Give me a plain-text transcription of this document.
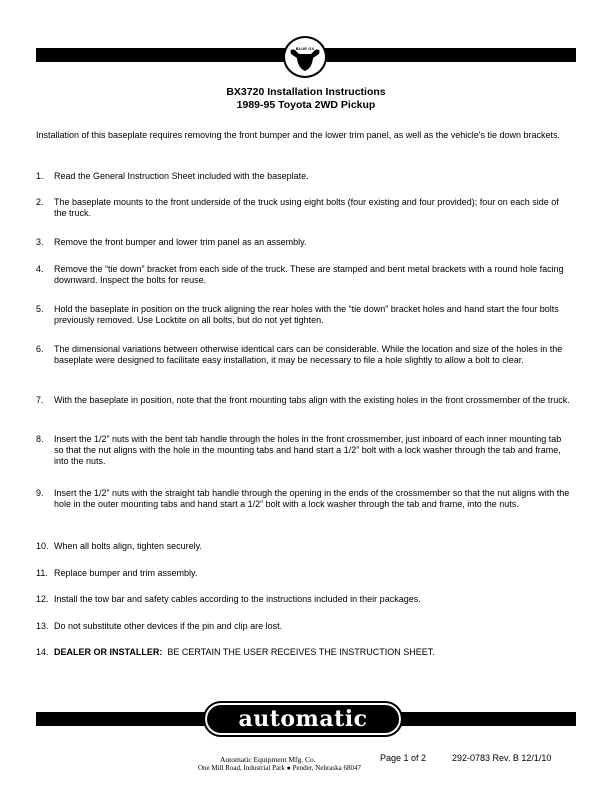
BLUE OX
BX3720 Installation Instructions
1989-95 Toyota 2WD Pickup
Installation of this baseplate requires removing the front bumper and the lower trim panel, as well as the vehicle's tie down brackets.
1.	Read the General Instruction Sheet included with the baseplate.
2.	The baseplate mounts to the front underside of the truck using eight bolts (four existing and four provided); four on each side of the truck.
3.	Remove the front bumper and lower trim panel as an assembly.
4.	Remove the “tie down” bracket from each side of the truck. These are stamped and bent metal brackets with a round hole facing downward. Inspect the bolts for reuse.
5.	Hold the baseplate in position on the truck aligning the rear holes with the “tie down” bracket holes and hand start the four bolts previously removed. Use Locktite on all bolts, but do not yet tighten.
6.	The dimensional variations between otherwise identical cars can be considerable. While the location and size of the holes in the baseplate were designed to facilitate easy installation, it may be necessary to file a hole slightly to allow a bolt to clear.
7.	With the baseplate in position, note that the front mounting tabs align with the existing holes in the front crossmember of the truck.
8.	Insert the 1/2” nuts with the bent tab handle through the holes in the front crossmember, just inboard of each inner mounting tab so that the nut aligns with the hole in the mounting tabs and hand start a 1/2” bolt with a lock washer through the tab and frame, into the nuts.
9.	Insert the 1/2” nuts with the straight tab handle through the opening in the ends of the crossmember so that the nut aligns with the hole in the outer mounting tabs and hand start a 1/2” bolt with a lock washer through the tab and frame, into the nuts.
10. When all bolts align, tighten securely.
11. Replace bumper and trim assembly.
12. Install the tow bar and safety cables according to the instructions included in their packages.
13. Do not substitute other devices if the pin and clip are lost.
14. DEALER OR INSTALLER: BE CERTAIN THE USER RECEIVES THE INSTRUCTION SHEET.
automatic
Automatic Equipment Mfg. Co.
One Mill Road, Industrial Park ● Pender, Nebraska 68047
Page 1 of 2	292-0783 Rev. B 12/1/10
